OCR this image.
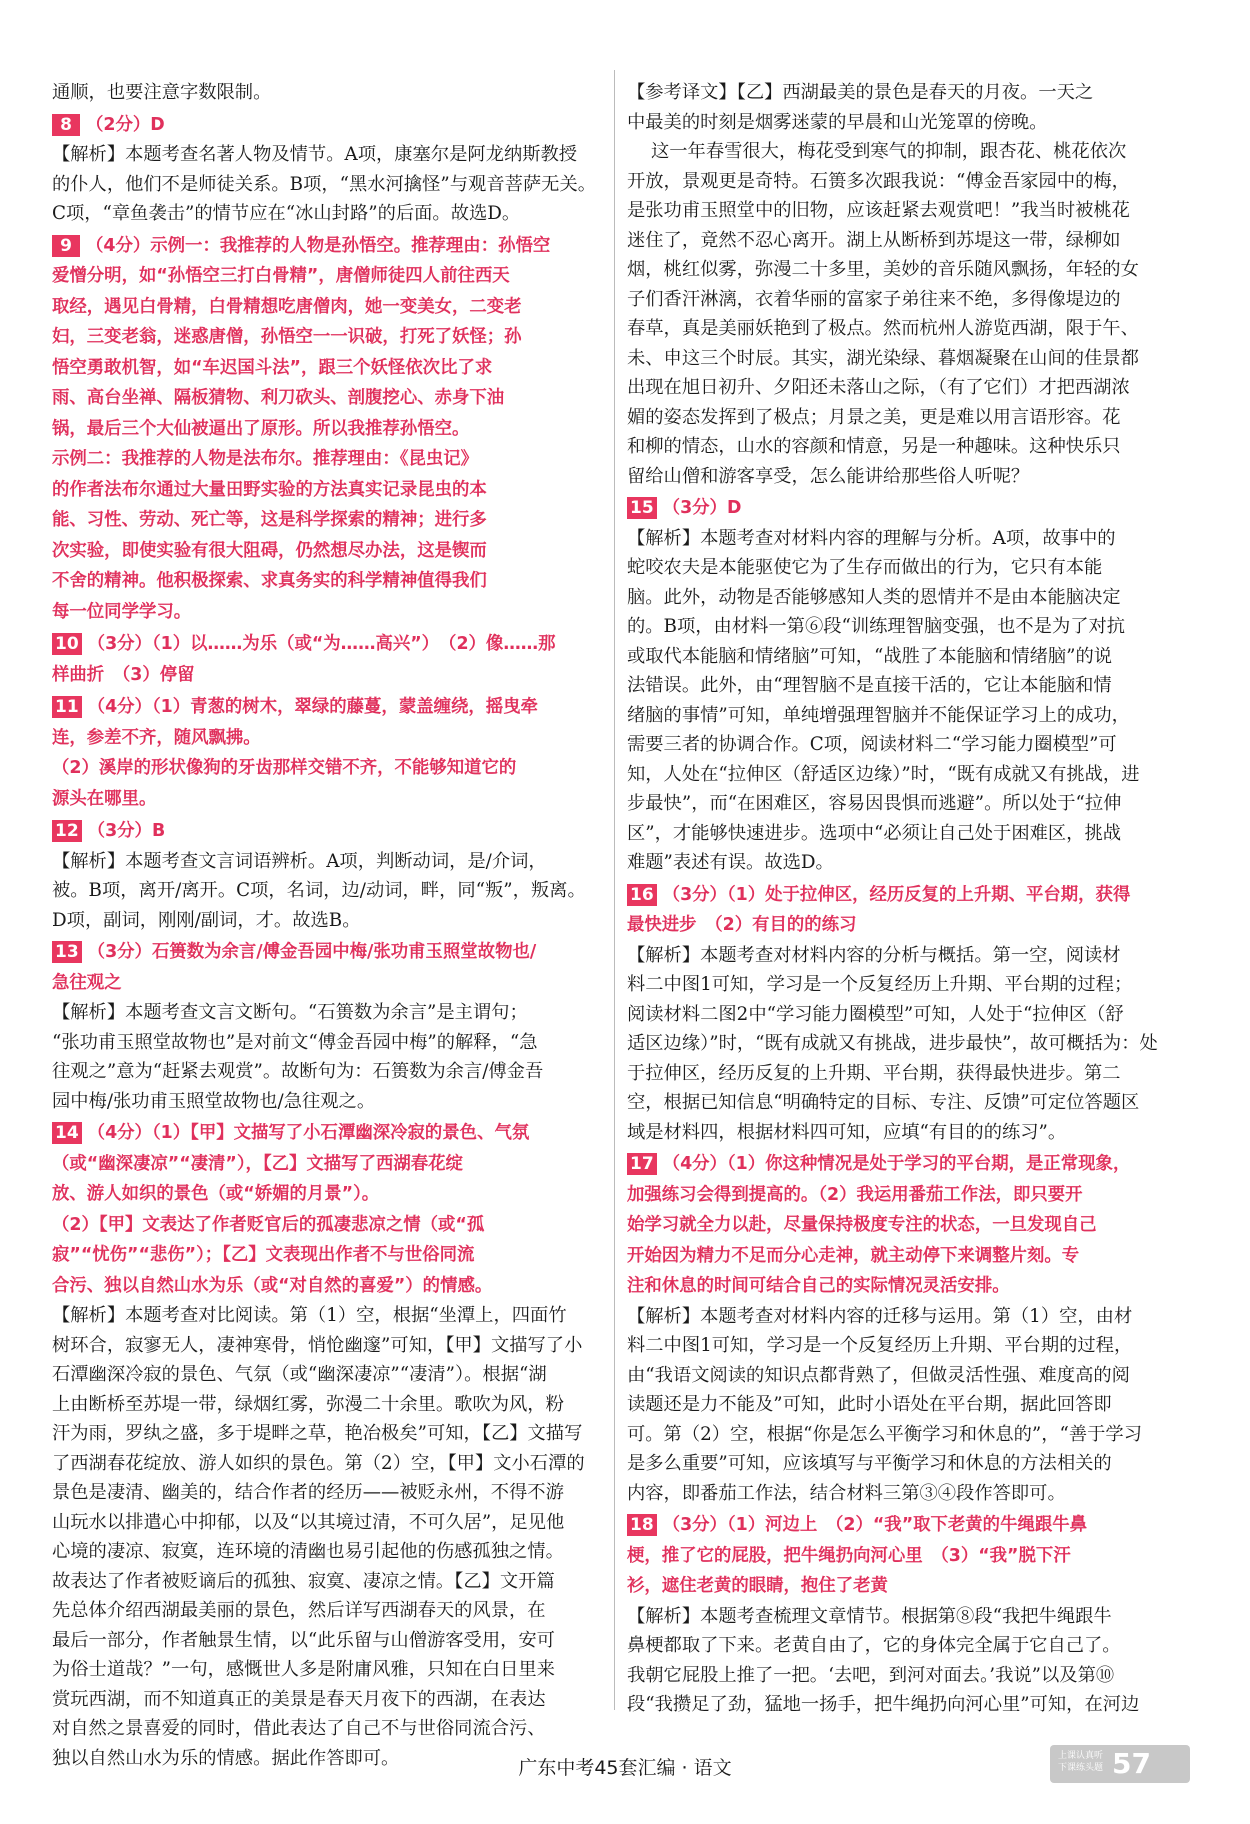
通顺，也要注意字数限制。
8 （2分）D
【解析】本题考查名著人物及情节。A项，康塞尔是阿龙纳斯教授
的仆人，他们不是师徒关系。B项，“黑水河擒怪”与观音菩萨无关。
C项，“章鱼袭击”的情节应在“冰山封路”的后面。故选D。
9 （4分）示例一：我推荐的人物是孙悟空。推荐理由：孙悟空
爱憎分明，如“孙悟空三打白骨精”，唐僧师徒四人前往西天
取经，遇见白骨精，白骨精想吃唐僧肉，她一变美女，二变老
妇，三变老翁，迷惑唐僧，孙悟空一一识破，打死了妖怪；孙
悟空勇敢机智，如“车迟国斗法”，跟三个妖怪依次比了求
雨、高台坐禅、隔板猜物、利刀砍头、剖腹挖心、赤身下油
锅，最后三个大仙被逼出了原形。所以我推荐孙悟空。
示例二：我推荐的人物是法布尔。推荐理由：《昆虫记》
的作者法布尔通过大量田野实验的方法真实记录昆虫的本
能、习性、劳动、死亡等，这是科学探索的精神；进行多
次实验，即使实验有很大阻碍，仍然想尽办法，这是锲而
不舍的精神。他积极探索、求真务实的科学精神值得我们
每一位同学学习。
10 （3分）（1）以……为乐（或“为……高兴”）　（2）像……那
样曲折　（3）停留
11 （4分）（1）青葱的树木，翠绿的藤蔓，蒙盖缠绕，摇曳牵
连，参差不齐，随风飘拂。
（2）溪岸的形状像狗的牙齿那样交错不齐，不能够知道它的
源头在哪里。
12 （3分）B
【解析】本题考查文言词语辨析。A项，判断动词，是/介词，
被。B项，离开/离开。C项，名词，边/动词，畔，同“叛”，叛离。
D项，副词，刚刚/副词，才。故选B。
13 （3分）石篑数为余言/傅金吾园中梅/张功甫玉照堂故物也/
急往观之
【解析】本题考查文言文断句。“石篑数为余言”是主谓句；
“张功甫玉照堂故物也”是对前文“傅金吾园中梅”的解释，“急
往观之”意为“赶紧去观赏”。故断句为：石篑数为余言/傅金吾
园中梅/张功甫玉照堂故物也/急往观之。
14 （4分）（1）【甲】文描写了小石潭幽深冷寂的景色、气氛
（或“幽深凄凉”“凄清”），【乙】文描写了西湖春花绽
放、游人如织的景色（或“娇媚的月景”）。
（2）【甲】文表达了作者贬官后的孤凄悲凉之情（或“孤
寂”“忧伤”“悲伤”）；【乙】文表现出作者不与世俗同流
合污、独以自然山水为乐（或“对自然的喜爱”）的情感。
【解析】本题考查对比阅读。第（1）空，根据“坐潭上，四面竹
树环合，寂寥无人，凄神寒骨，悄怆幽邃”可知，【甲】文描写了小
石潭幽深冷寂的景色、气氛（或“幽深凄凉”“凄清”）。根据“湖
上由断桥至苏堤一带，绿烟红雾，弥漫二十余里。歌吹为风，粉
汗为雨，罗纨之盛，多于堤畔之草，艳冶极矣”可知，【乙】文描写
了西湖春花绽放、游人如织的景色。第（2）空，【甲】文小石潭的
景色是凄清、幽美的，结合作者的经历——被贬永州，不得不游
山玩水以排遣心中抑郁，以及“以其境过清，不可久居”，足见他
心境的凄凉、寂寞，连环境的清幽也易引起他的伤感孤独之情。
故表达了作者被贬谪后的孤独、寂寞、凄凉之情。【乙】文开篇
先总体介绍西湖最美丽的景色，然后详写西湖春天的风景，在
最后一部分，作者触景生情，以“此乐留与山僧游客受用，安可
为俗士道哉？”一句，感慨世人多是附庸风雅，只知在白日里来
赏玩西湖，而不知道真正的美景是春天月夜下的西湖，在表达
对自然之景喜爱的同时，借此表达了自己不与世俗同流合污、
独以自然山水为乐的情感。据此作答即可。
【参考译文】【乙】西湖最美的景色是春天的月夜。一天之
中最美的时刻是烟雾迷蒙的早晨和山光笼罩的傍晚。
这一年春雪很大，梅花受到寒气的抑制，跟杏花、桃花依次
开放，景观更是奇特。石篑多次跟我说：“傅金吾家园中的梅，
是张功甫玉照堂中的旧物，应该赶紧去观赏吧！”我当时被桃花
迷住了，竟然不忍心离开。湖上从断桥到苏堤这一带，绿柳如
烟，桃红似雾，弥漫二十多里，美妙的音乐随风飘扬，年轻的女
子们香汗淋漓，衣着华丽的富家子弟往来不绝，多得像堤边的
春草，真是美丽妖艳到了极点。然而杭州人游览西湖，限于午、
未、申这三个时辰。其实，湖光染绿、暮烟凝聚在山间的佳景都
出现在旭日初升、夕阳还未落山之际，（有了它们）才把西湖浓
媚的姿态发挥到了极点；月景之美，更是难以用言语形容。花
和柳的情态，山水的容颜和情意，另是一种趣味。这种快乐只
留给山僧和游客享受，怎么能讲给那些俗人听呢？
15 （3分）D
【解析】本题考查对材料内容的理解与分析。A项，故事中的
蛇咬农夫是本能驱使它为了生存而做出的行为，它只有本能
脑。此外，动物是否能够感知人类的恩情并不是由本能脑决定
的。B项，由材料一第⑥段“训练理智脑变强，也不是为了对抗
或取代本能脑和情绪脑”可知，“战胜了本能脑和情绪脑”的说
法错误。此外，由“理智脑不是直接干活的，它让本能脑和情
绪脑的事情”可知，单纯增强理智脑并不能保证学习上的成功，
需要三者的协调合作。C项，阅读材料二“学习能力圈模型”可
知，人处在“拉伸区（舒适区边缘）”时，“既有成就又有挑战，进
步最快”，而“在困难区，容易因畏惧而逃避”。所以处于“拉伸
区”，才能够快速进步。选项中“必须让自己处于困难区，挑战
难题”表述有误。故选D。
16 （3分）（1）处于拉伸区，经历反复的上升期、平台期，获得
最快进步　（2）有目的的练习
【解析】本题考查对材料内容的分析与概括。第一空，阅读材
料二中图1可知，学习是一个反复经历上升期、平台期的过程；
阅读材料二图2中“学习能力圈模型”可知，人处于“拉伸区（舒
适区边缘）”时，“既有成就又有挑战，进步最快”，故可概括为：处
于拉伸区，经历反复的上升期、平台期，获得最快进步。第二
空，根据已知信息“明确特定的目标、专注、反馈”可定位答题区
域是材料四，根据材料四可知，应填“有目的的练习”。
17 （4分）（1）你这种情况是处于学习的平台期，是正常现象，
加强练习会得到提高的。（2）我运用番茄工作法，即只要开
始学习就全力以赴，尽量保持极度专注的状态，一旦发现自己
开始因为精力不足而分心走神，就主动停下来调整片刻。专
注和休息的时间可结合自己的实际情况灵活安排。
【解析】本题考查对材料内容的迁移与运用。第（1）空，由材
料二中图1可知，学习是一个反复经历上升期、平台期的过程，
由“我语文阅读的知识点都背熟了，但做灵活性强、难度高的阅
读题还是力不能及”可知，此时小语处在平台期，据此回答即
可。第（2）空，根据“你是怎么平衡学习和休息的”，“善于学习
是多么重要”可知，应该填写与平衡学习和休息的方法相关的
内容，即番茄工作法，结合材料三第③④段作答即可。
18 （3分）（1）河边上　（2）“我”取下老黄的牛绳跟牛鼻
梗，推了它的屁股，把牛绳扔向河心里　（3）“我”脱下汗
衫，遮住老黄的眼睛，抱住了老黄
【解析】本题考查梳理文章情节。根据第⑧段“我把牛绳跟牛
鼻梗都取了下来。老黄自由了，它的身体完全属于它自己了。
我朝它屁股上推了一把。‘去吧，到河对面去。’我说”以及第⑩
段“我攒足了劲，猛地一扬手，把牛绳扔向河心里”可知，在河边
广东中考45套汇编 · 语文
上课认真听 下课练头题 57
